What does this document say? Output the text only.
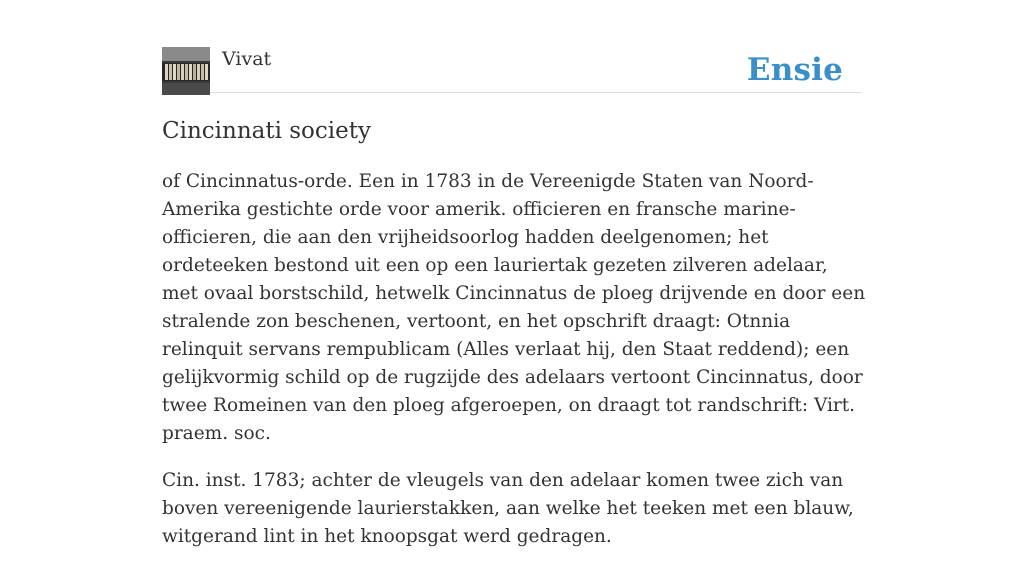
Vivat	Ensie
Cincinnati society

of Cincinnatus-orde. Een in 1783 in de Vereenigde Staten van Noord-Amerika gestichte orde voor amerik. officieren en fransche marine-officieren, die aan den vrijheidsoorlog hadden deelgenomen; het ordeteeken bestond uit een op een lauriertak gezeten zilveren adelaar, met ovaal borstschild, hetwelk Cincinnatus de ploeg drijvende en door een stralende zon beschenen, vertoont, en het opschrift draagt: Otnnia relinquit servans rempublicam (Alles verlaat hij, den Staat reddend); een gelijkvormig schild op de rugzijde des adelaars vertoont Cincinnatus, door twee Romeinen van den ploeg afgeroepen, on draagt tot randschrift: Virt. praem. soc.

Cin. inst. 1783; achter de vleugels van den adelaar komen twee zich van boven vereenigende laurierstakken, aan welke het teeken met een blauw, witgerand lint in het knoopsgat werd gedragen.
